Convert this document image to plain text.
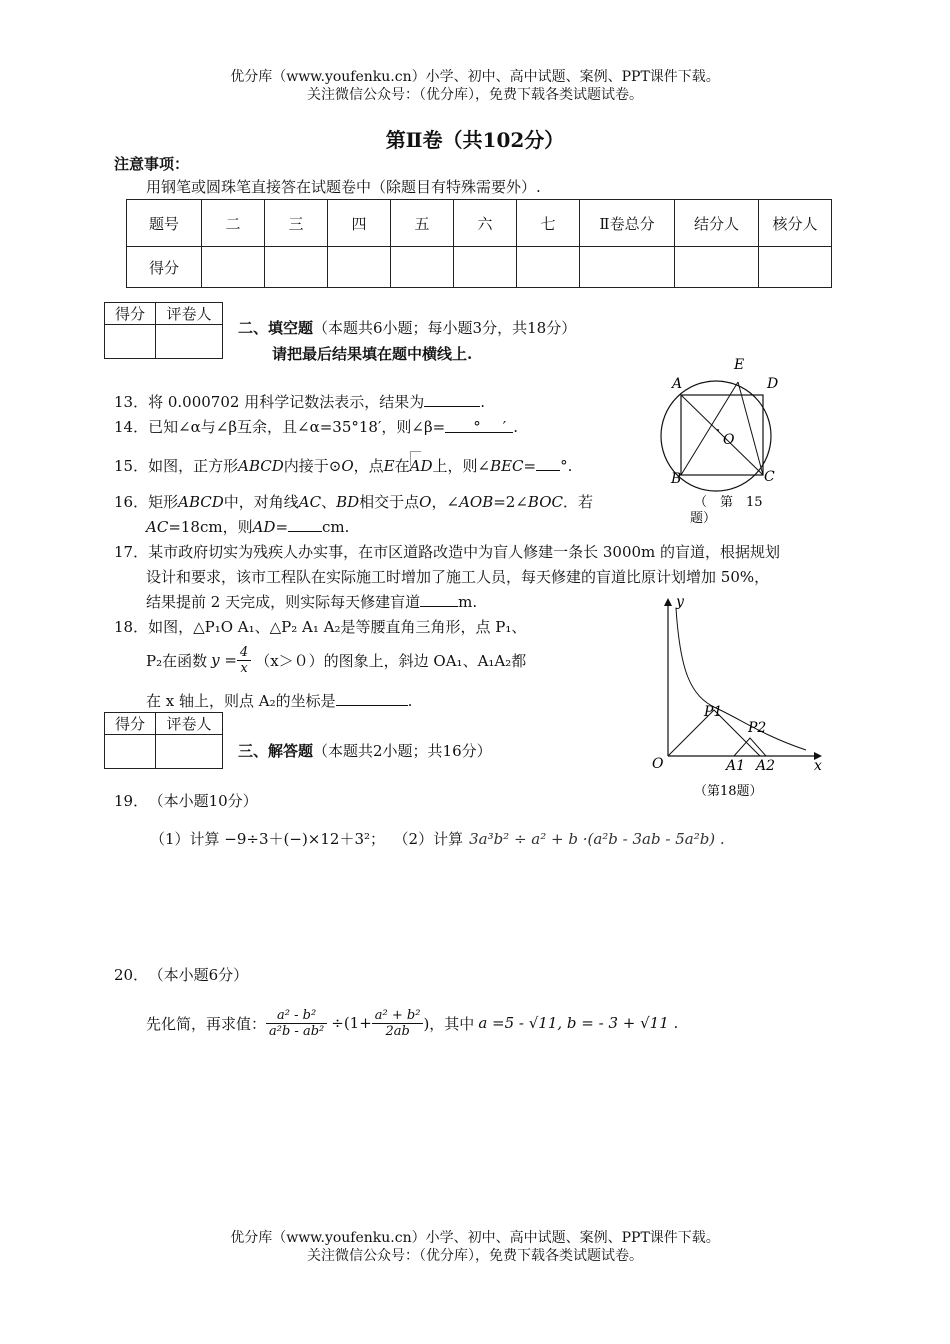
优分库（www.youfenku.cn）小学、初中、高中试题、案例、PPT课件下载。
关注微信公众号：（优分库），免费下载各类试题试卷。
第Ⅱ卷（共102分）
注意事项：
用钢笔或圆珠笔直接答在试题卷中（除题目有特殊需要外）.
题号	二	三	四	五	六	七	Ⅱ卷总分	结分人	核分人
得分									
得分	评卷人

二、填空题（本题共6小题；每小题3分，共18分）
请把最后结果填在题中横线上.
13．将 0.000702 用科学记数法表示，结果为	.
14．已知∠α与∠β互余，且∠α=35°18′，则∠β= ° ′ .
15．如图，正方形ABCD内接于⊙O，点E在
AD上，则∠BEC= °.
16．矩形ABCD中，对角线AC、BD相交于点O，∠AOB=2∠BOC．若
AC=18cm，则AD= cm.
17．某市政府切实为残疾人办实事，在市区道路改造中为盲人修建一条长 3000m 的盲道，根据规划
设计和要求，该市工程队在实际施工时增加了施工人员，每天修建的盲道比原计划增加 50%，
结果提前 2 天完成，则实际每天修建盲道	m.
18．如图，△P₁O A₁、△P₂ A₁ A₂是等腰直角三角形，点 P₁、
P₂在函数 $y = \frac{4}{x} (x>0)$的图象上，斜边 OA₁、A₁A₂都
在 x 轴上，则点 A₂的坐标是	.
得分	评卷人

三、解答题（本题共2小题；共16分）
19． （本小题10分）
（1）计算 −9÷3＋(−)×12＋3²； （2）计算 3a³b² ÷ a² + b ·(a²b - 3ab - 5a²b) .
20． （本小题6分）
先化简，再求值： $\frac{\text{a² - b²}}{\text{a²b - ab²}} \div(1+ \frac{\text{a² + b²}}{2ab}$ )，其中 a =5 - √11, b = - 3 + √11 .
A
E
D
O
B	C
（　第　15
题）
y
P1
P2
O	A1 A2	x
（第18题）
优分库（www.youfenku.cn）小学、初中、高中试题、案例、PPT课件下载。
关注微信公众号：（优分库），免费下载各类试题试卷。
